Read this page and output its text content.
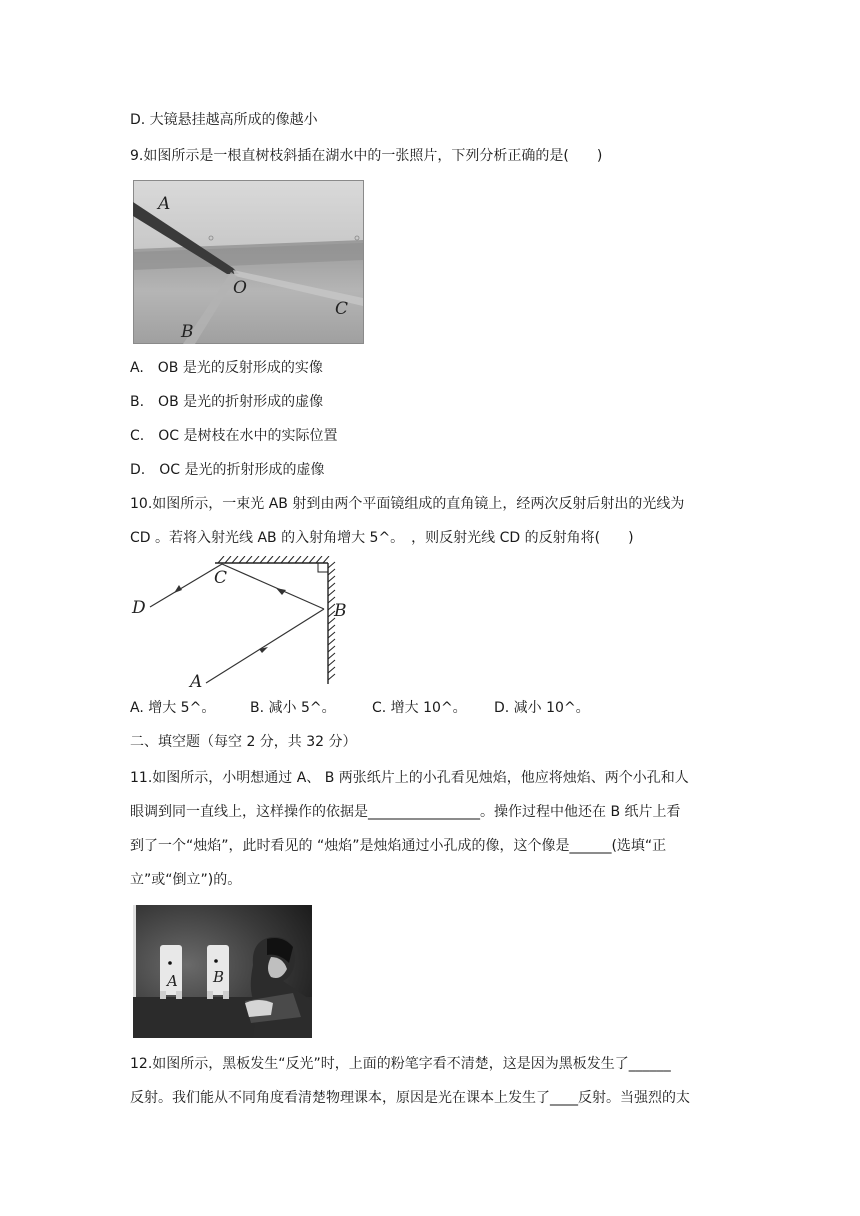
D. 大镜悬挂越高所成的像越小
9.如图所示是一根直树枝斜插在湖水中的一张照片，下列分析正确的是(　　)
A
O
C
B
A.　OB 是光的反射形成的实像
B.　OB 是光的折射形成的虚像
C.　OC 是树枝在水中的实际位置
D.　OC 是光的折射形成的虚像
10.如图所示，一束光 AB 射到由两个平面镜组成的直角镜上，经两次反射后射出的光线为
CD 。若将入射光线 AB 的入射角增大 5^。　，则反射光线 CD 的反射角将(　　)
C
D	B
A
A. 增大 5^。 B. 减小 5^。	C. 增大 10^。 D. 减小 10^。
二、填空题（每空 2 分，共 32 分）
11.如图所示，小明想通过 A、 B 两张纸片上的小孔看见烛焰，他应将烛焰、两个小孔和人
眼调到同一直线上，这样操作的依据是________________。操作过程中他还在 B 纸片上看
到了一个“烛焰”，此时看见的 “烛焰”是烛焰通过小孔成的像，这个像是______(选填“正
立”或“倒立”)的。
A B
12.如图所示，黑板发生“反光”时，上面的粉笔字看不清楚，这是因为黑板发生了______
反射。我们能从不同角度看清楚物理课本，原因是光在课本上发生了____反射。当强烈的太
